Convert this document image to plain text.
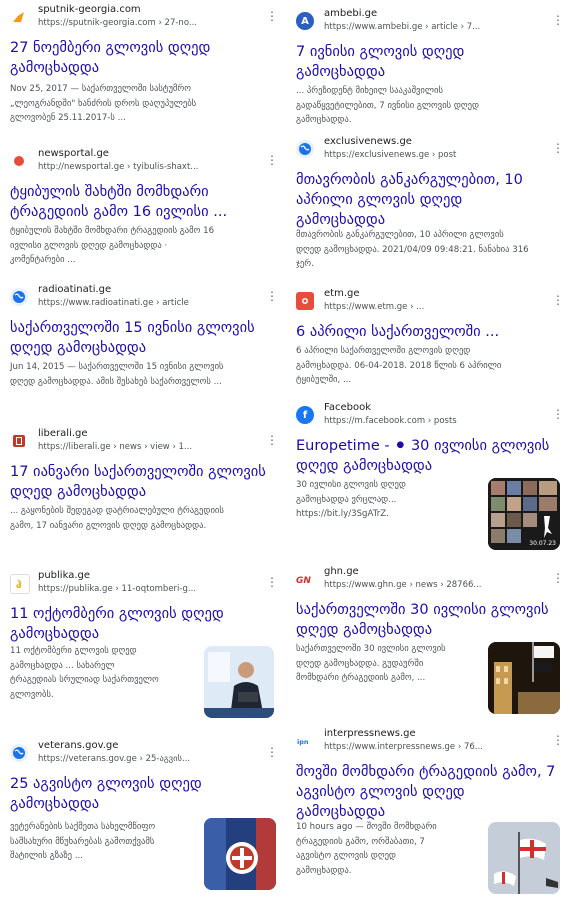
sputnik-georgia.com
https://sputnik-georgia.com › 27-no...	⋮
27 ნოემბერი გლოვის დღედ
გამოცხადდა
Nov 25, 2017 — საქართველოში სასტუმრო
„ლეოგრანდში" ხანძრის დროს დაღუპულებს
გლოვობენ 25.11.2017-ს ...
newsportal.ge
http://newsportal.ge › tyibulis-shaxt...	⋮
ტყიბულის შახტში მომხდარი
ტრაგედიის გამო 16 ივლისი ...
ტყიბულის შახტში მომხდარი ტრაგედიის გამო 16
ივლისი გლოვის დღედ გამოცხადდა ·
კომენტარები ...
radioatinati.ge
https://www.radioatinati.ge › article	⋮
საქართველოში 15 ივნისი გლოვის
დღედ გამოცხადდა
Jun 14, 2015 — საქართველოში 15 ივნისი გლოვის
დღედ გამოცხადდა. ამის შესახებ საქართველოს ...
liberali.ge
https://liberali.ge › news › view › 1...	⋮
17 იანვარი საქართველოში გლოვის
დღედ გამოცხადდა
... გაყონების შედეგად დატრიალებული ტრაგედიის
გამო, 17 იანვარი გლოვის დღედ გამოცხადდა.
ჰ
publika.ge
https://publika.ge › 11-oqtomberi-g...	⋮
11 ოქტომბერი გლოვის დღედ
გამოცხადდა
11 ოქტომბერი გლოვის დღედ
გამოცხადდა ... სახარელ
ტრაგედიას სრულიად საქართველო
გლოვობს.
veterans.gov.ge
https://veterans.gov.ge › 25-აგვის...	⋮
25 აგვისტო გლოვის დღედ
გამოცხადდა
ვეტერანების საქმეთა სახელმწიფო
სამსახური მწუხარებას გამოთქვამს
შატილის გზაზე ...
A
ambebi.ge
https://www.ambebi.ge › article › 7...	⋮
7 ივნისი გლოვის დღედ
გამოცხადდა
... პრეზიდენტ მიხეილ სააკაშვილის
გადაწყვეტილებით, 7 ივნისი გლოვის დღედ
გამოცხადდა.
exclusivenews.ge
https://exclusivenews.ge › post	⋮
მთავრობის განკარგულებით, 10
აპრილი გლოვის დღედ
გამოცხადდა
მთავრობის განკარგულებით, 10 აპრილი გლოვის
დღედ გამოცხადდა. 2021/04/09 09:48:21. ნანახია 316
ჯერ.
etm.ge
https://www.etm.ge › ...	⋮
6 აპრილი საქართველოში ...
6 აპრილი საქართველოში გლოვის დღედ
გამოცხადდა. 06-04-2018. 2018 წლის 6 აპრილი
ტყიბულში, ...
f
Facebook
https://m.facebook.com › posts	⋮
Europetime - ⚫ 30 ივლისი გლოვის
დღედ გამოცხადდა
30 ივლისი გლოვის დღედ
გამოცხადდა ვრცლად...
https://bit.ly/3SgATrZ.
30.07.23
GN
ghn.ge
https://www.ghn.ge › news › 28766...	⋮
საქართველოში 30 ივლისი გლოვის
დღედ გამოცხადდა
საქართველოში 30 ივლისი გლოვის
დღედ გამოცხადდა. გუდაურში
მომხდარი ტრაგედიის გამო, ...
ipn
interpressnews.ge
https://www.interpressnews.ge › 76...	⋮
შოვში მომხდარი ტრაგედიის გამო, 7
აგვისტო გლოვის დღედ
გამოცხადდა
10 hours ago — შოვში მომხდარი
ტრაგედიის გამო, ორშაბათი, 7
აგვისტო გლოვის დღედ
გამოცხადდა.
